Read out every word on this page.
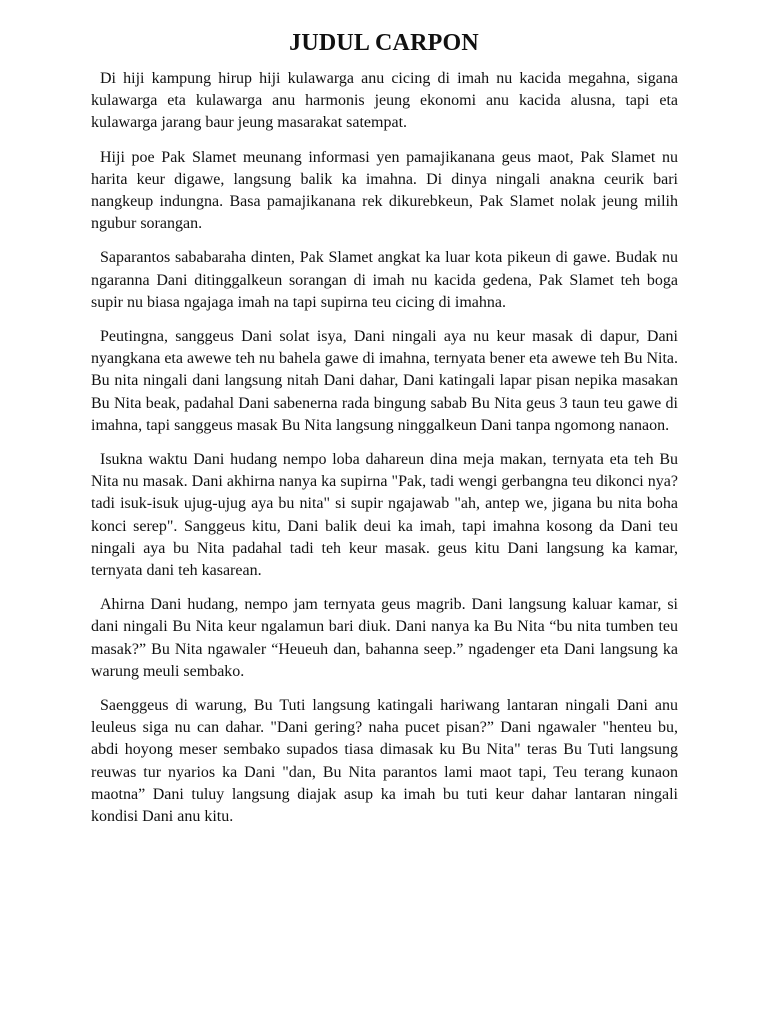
JUDUL CARPON

Di hiji kampung hirup hiji kulawarga anu cicing di imah nu kacida megahna, sigana kulawarga eta kulawarga anu harmonis jeung ekonomi anu kacida alusna, tapi eta kulawarga jarang baur jeung masarakat satempat.

Hiji poe Pak Slamet meunang informasi yen pamajikanana geus maot, Pak Slamet nu harita keur digawe, langsung balik ka imahna. Di dinya ningali anakna ceurik bari nangkeup indungna. Basa pamajikanana rek dikurebkeun, Pak Slamet nolak jeung milih ngubur sorangan.

Saparantos sababaraha dinten, Pak Slamet angkat ka luar kota pikeun di gawe. Budak nu ngaranna Dani ditinggalkeun sorangan di imah nu kacida gedena, Pak Slamet teh boga supir nu biasa ngajaga imah na tapi supirna teu cicing di imahna.

Peutingna, sanggeus Dani solat isya, Dani ningali aya nu keur masak di dapur, Dani nyangkana eta awewe teh nu bahela gawe di imahna, ternyata bener eta awewe teh Bu Nita. Bu nita ningali dani langsung nitah Dani dahar, Dani katingali lapar pisan nepika masakan Bu Nita beak, padahal Dani sabenerna rada bingung sabab Bu Nita geus 3 taun teu gawe di imahna, tapi sanggeus masak Bu Nita langsung ninggalkeun Dani tanpa ngomong nanaon.

Isukna waktu Dani hudang nempo loba dahareun dina meja makan, ternyata eta teh Bu Nita nu masak. Dani akhirna nanya ka supirna "Pak, tadi wengi gerbangna teu dikonci nya? tadi isuk-isuk ujug-ujug aya bu nita" si supir ngajawab "ah, antep we, jigana bu nita boha konci serep". Sanggeus kitu, Dani balik deui ka imah, tapi imahna kosong da Dani teu ningali aya bu Nita padahal tadi teh keur masak. geus kitu Dani langsung ka kamar, ternyata dani teh kasarean.

Ahirna Dani hudang, nempo jam ternyata geus magrib. Dani langsung kaluar kamar, si dani ningali Bu Nita keur ngalamun bari diuk. Dani nanya ka Bu Nita “bu nita tumben teu masak?” Bu Nita ngawaler “Heueuh dan, bahanna seep.” ngadenger eta Dani langsung ka warung meuli sembako.

Saenggeus di warung, Bu Tuti langsung katingali hariwang lantaran ningali Dani anu leuleus siga nu can dahar. "Dani gering? naha pucet pisan?” Dani ngawaler "henteu bu, abdi hoyong meser sembako supados tiasa dimasak ku Bu Nita" teras Bu Tuti langsung reuwas tur nyarios ka Dani "dan, Bu Nita parantos lami maot tapi, Teu terang kunaon maotna” Dani tuluy langsung diajak asup ka imah bu tuti keur dahar lantaran ningali kondisi Dani anu kitu.
